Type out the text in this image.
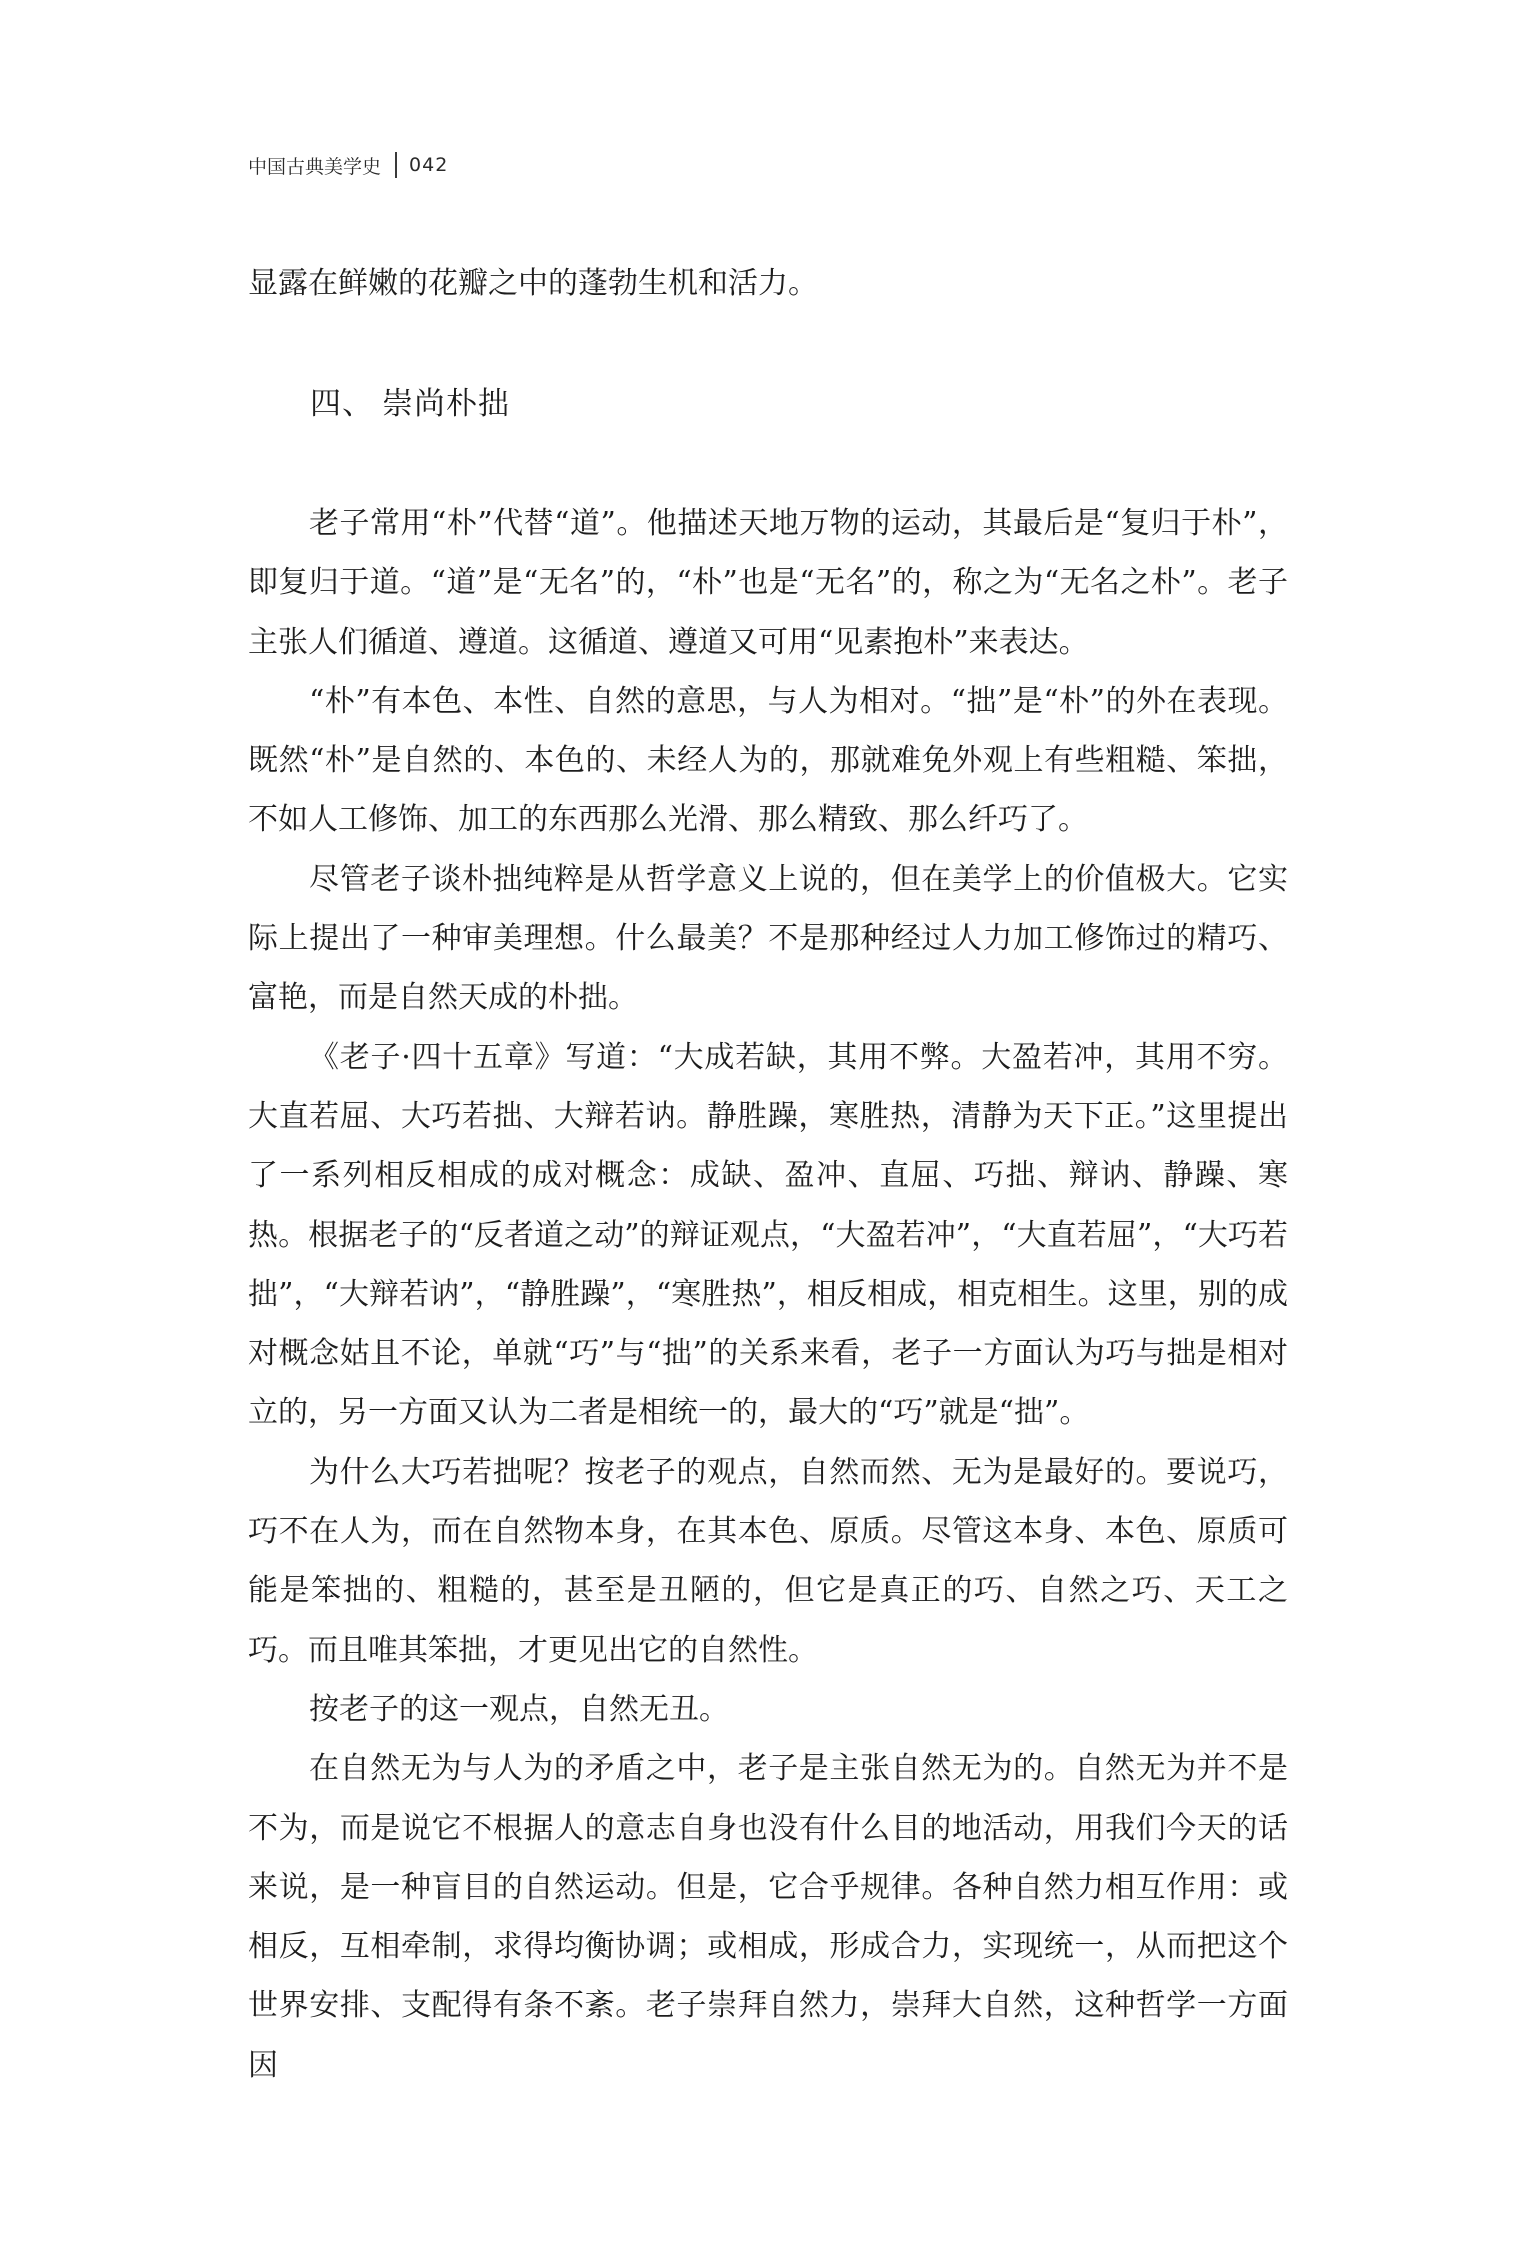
中国古典美学史 042
显露在鲜嫩的花瓣之中的蓬勃生机和活力。
四、 崇尚朴拙

老子常用“朴”代替“道”。他描述天地万物的运动，其最后是“复归于朴”，即复归于道。“道”是“无名”的，“朴”也是“无名”的，称之为“无名之朴”。老子主张人们循道、遵道。这循道、遵道又可用“见素抱朴”来表达。

“朴”有本色、本性、自然的意思，与人为相对。“拙”是“朴”的外在表现。既然“朴”是自然的、本色的、未经人为的，那就难免外观上有些粗糙、笨拙，不如人工修饰、加工的东西那么光滑、那么精致、那么纤巧了。

尽管老子谈朴拙纯粹是从哲学意义上说的，但在美学上的价值极大。它实际上提出了一种审美理想。什么最美？不是那种经过人力加工修饰过的精巧、富艳，而是自然天成的朴拙。

《老子·四十五章》写道：“大成若缺，其用不弊。大盈若冲，其用不穷。大直若屈、大巧若拙、大辩若讷。静胜躁，寒胜热，清静为天下正。”这里提出了一系列相反相成的成对概念：成缺、盈冲、直屈、巧拙、辩讷、静躁、寒热。根据老子的“反者道之动”的辩证观点，“大盈若冲”，“大直若屈”，“大巧若拙”，“大辩若讷”，“静胜躁”，“寒胜热”，相反相成，相克相生。这里，别的成对概念姑且不论，单就“巧”与“拙”的关系来看，老子一方面认为巧与拙是相对立的，另一方面又认为二者是相统一的，最大的“巧”就是“拙”。

为什么大巧若拙呢？按老子的观点，自然而然、无为是最好的。要说巧，巧不在人为，而在自然物本身，在其本色、原质。尽管这本身、本色、原质可能是笨拙的、粗糙的，甚至是丑陋的，但它是真正的巧、自然之巧、天工之巧。而且唯其笨拙，才更见出它的自然性。

按老子的这一观点，自然无丑。

在自然无为与人为的矛盾之中，老子是主张自然无为的。自然无为并不是不为，而是说它不根据人的意志自身也没有什么目的地活动，用我们今天的话来说，是一种盲目的自然运动。但是，它合乎规律。各种自然力相互作用：或相反，互相牵制，求得均衡协调；或相成，形成合力，实现统一，从而把这个世界安排、支配得有条不紊。老子崇拜自然力，崇拜大自然，这种哲学一方面因
